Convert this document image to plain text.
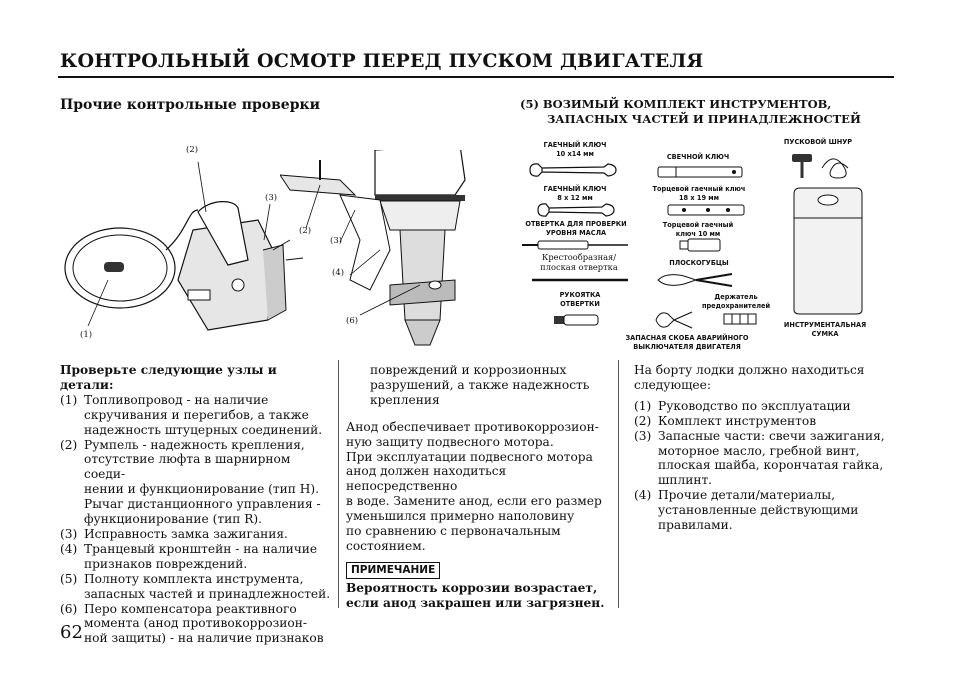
КОНТРОЛЬНЫЙ ОСМОТР ПЕРЕД ПУСКОМ ДВИГАТЕЛЯ
Прочие контрольные проверки
(2)
(3)
(1)
(2)
(3)
(4)
(6)
(5) ВОЗИМЫЙ КОМПЛЕКТ ИНСТРУМЕНТОВ,
ЗАПАСНЫХ ЧАСТЕЙ И ПРИНАДЛЕЖНОСТЕЙ
ГАЕЧНЫЙ КЛЮЧ
10 х14 мм
ГАЕЧНЫЙ КЛЮЧ
8 х 12 мм
ОТВЕРТКА ДЛЯ ПРОВЕРКИ
УРОВНЯ МАСЛА
Крестообразная/
плоская отвертка
РУКОЯТКА
ОТВЕРТКИ
СВЕЧНОЙ КЛЮЧ
Торцевой гаечный ключ
18 х 19 мм
Торцевой гаечный
ключ 10 мм
ПЛОСКОГУБЦЫ
Держатель
предохранителей
ЗАПАСНАЯ СКОБА АВАРИЙНОГО
ВЫКЛЮЧАТЕЛЯ ДВИГАТЕЛЯ
ПУСКОВОЙ ШНУР
ИНСТРУМЕНТАЛЬНАЯ
СУМКА

Проверьте следующие узлы и детали:

(1) Топливопровод - на наличие
скручивания и перегибов, а также
надежность штуцерных соединений.
(2) Румпель - надежность крепления,
отсутствие люфта в шарнирном соеди-
нении и функционирование (тип H).
Рычаг дистанционного управления -
функционирование (тип R).
(3) Исправность замка зажигания.
(4) Транцевый кронштейн - на наличие
признаков повреждений.
(5) Полноту комплекта инструмента,
запасных частей и принадлежностей.
(6) Перо компенсатора реактивного
момента (анод противокоррозион-
ной защиты) - на наличие признаков
повреждений и коррозионных
разрушений, а также надежность
крепления
Анод обеспечивает противокоррозион-
ную защиту подвесного мотора.
При эксплуатации подвесного мотора
анод должен находиться непосредственно
в воде. Замените анод, если его размер
уменьшился примерно наполовину
по сравнению с первоначальным
состоянием.
ПРИМЕЧАНИЕ
Вероятность коррозии возрастает,
если анод закрашен или загрязнен.
На борту лодки должно находиться
следующее:
(1) Руководство по эксплуатации
(2) Комплект инструментов
(3) Запасные части: свечи зажигания,
моторное масло, гребной винт,
плоская шайба, корончатая гайка,
шплинт.
(4) Прочие детали/материалы,
установленные действующими
правилами.
62
